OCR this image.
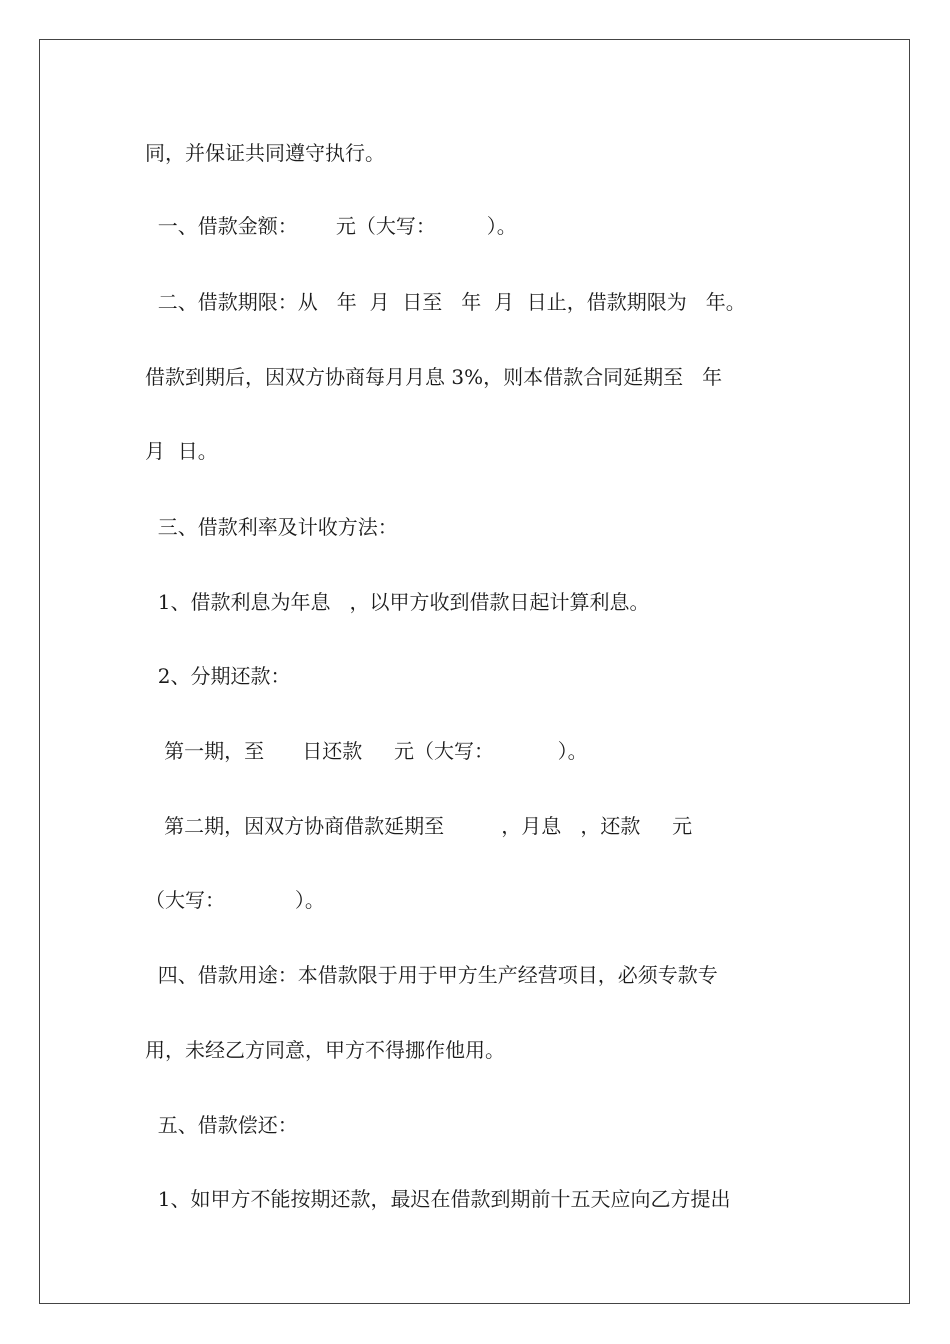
同，并保证共同遵守执行。

一、借款金额：      元（大写：        ）。

二、借款期限：从   年  月  日至   年  月  日止，借款期限为   年。

借款到期后，因双方协商每月月息 3%，则本借款合同延期至   年

月  日。

三、借款利率及计收方法：

1、借款利息为年息   ，以甲方收到借款日起计算利息。

2、分期还款：

第一期，至      日还款     元（大写：          ）。

第二期，因双方协商借款延期至         ，月息   ，还款     元

（大写：           ）。

四、借款用途：本借款限于用于甲方生产经营项目，必须专款专

用，未经乙方同意，甲方不得挪作他用。

五、借款偿还：

1、如甲方不能按期还款，最迟在借款到期前十五天应向乙方提出
